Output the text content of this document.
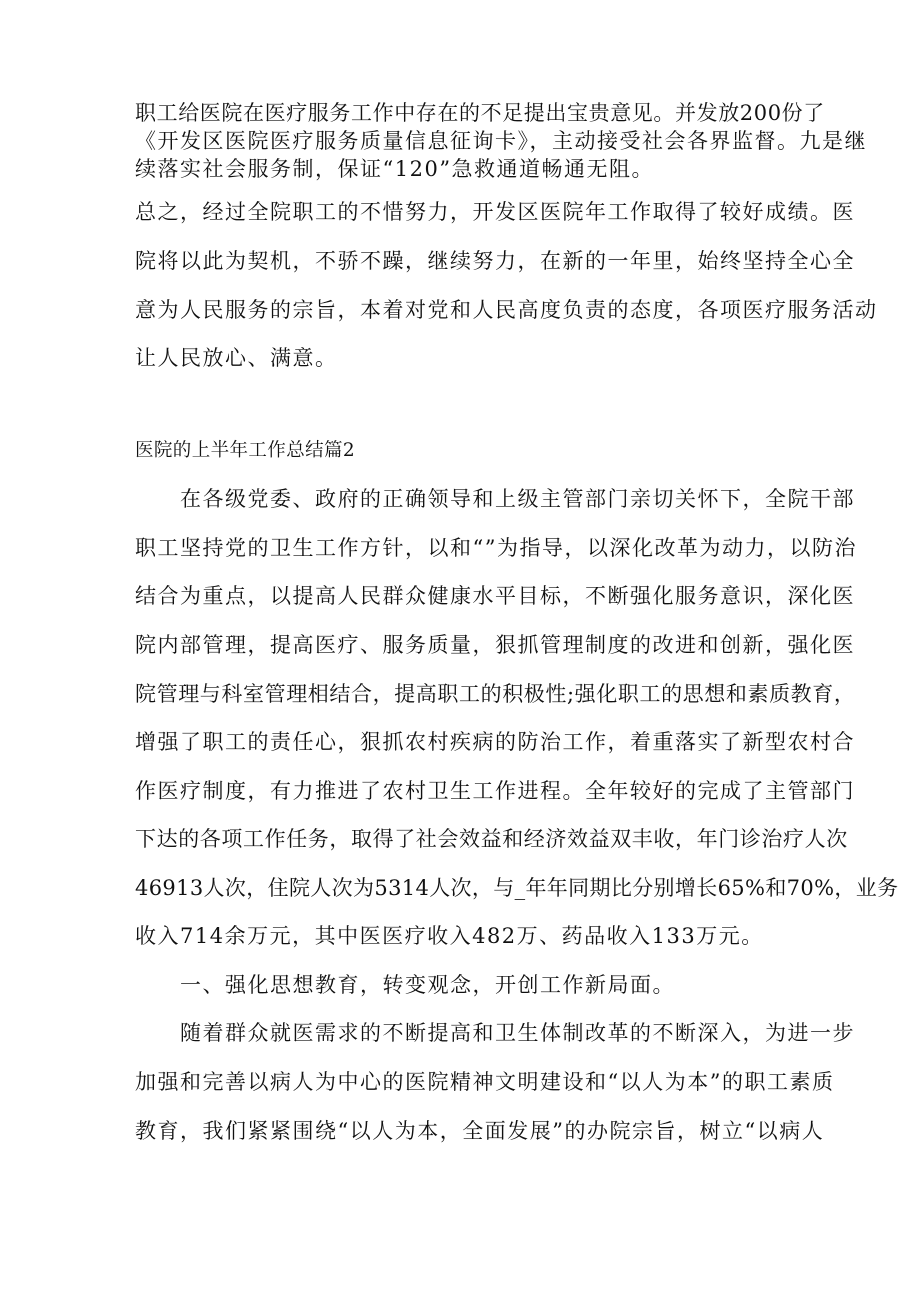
职工给医院在医疗服务工作中存在的不足提出宝贵意见。并发放200份了
《开发区医院医疗服务质量信息征询卡》，主动接受社会各界监督。九是继
续落实社会服务制，保证“120”急救通道畅通无阻。
总之，经过全院职工的不惜努力，开发区医院年工作取得了较好成绩。医
院将以此为契机，不骄不躁，继续努力，在新的一年里，始终坚持全心全
意为人民服务的宗旨，本着对党和人民高度负责的态度，各项医疗服务活动
让人民放心、满意。
医院的上半年工作总结篇2
在各级党委、政府的正确领导和上级主管部门亲切关怀下，全院干部
职工坚持党的卫生工作方针，以和“”为指导，以深化改革为动力，以防治
结合为重点，以提高人民群众健康水平目标，不断强化服务意识，深化医
院内部管理，提高医疗、服务质量，狠抓管理制度的改进和创新，强化医
院管理与科室管理相结合，提高职工的积极性;强化职工的思想和素质教育，
增强了职工的责任心，狠抓农村疾病的防治工作，着重落实了新型农村合
作医疗制度，有力推进了农村卫生工作进程。全年较好的完成了主管部门
下达的各项工作任务，取得了社会效益和经济效益双丰收，年门诊治疗人次
46913人次，住院人次为5314人次，与_年年同期比分别增长65%和70%，业务
收入714余万元，其中医医疗收入482万、药品收入133万元。
一、强化思想教育，转变观念，开创工作新局面。
随着群众就医需求的不断提高和卫生体制改革的不断深入，为进一步
加强和完善以病人为中心的医院精神文明建设和“以人为本”的职工素质
教育，我们紧紧围绕“以人为本，全面发展”的办院宗旨，树立“以病人
